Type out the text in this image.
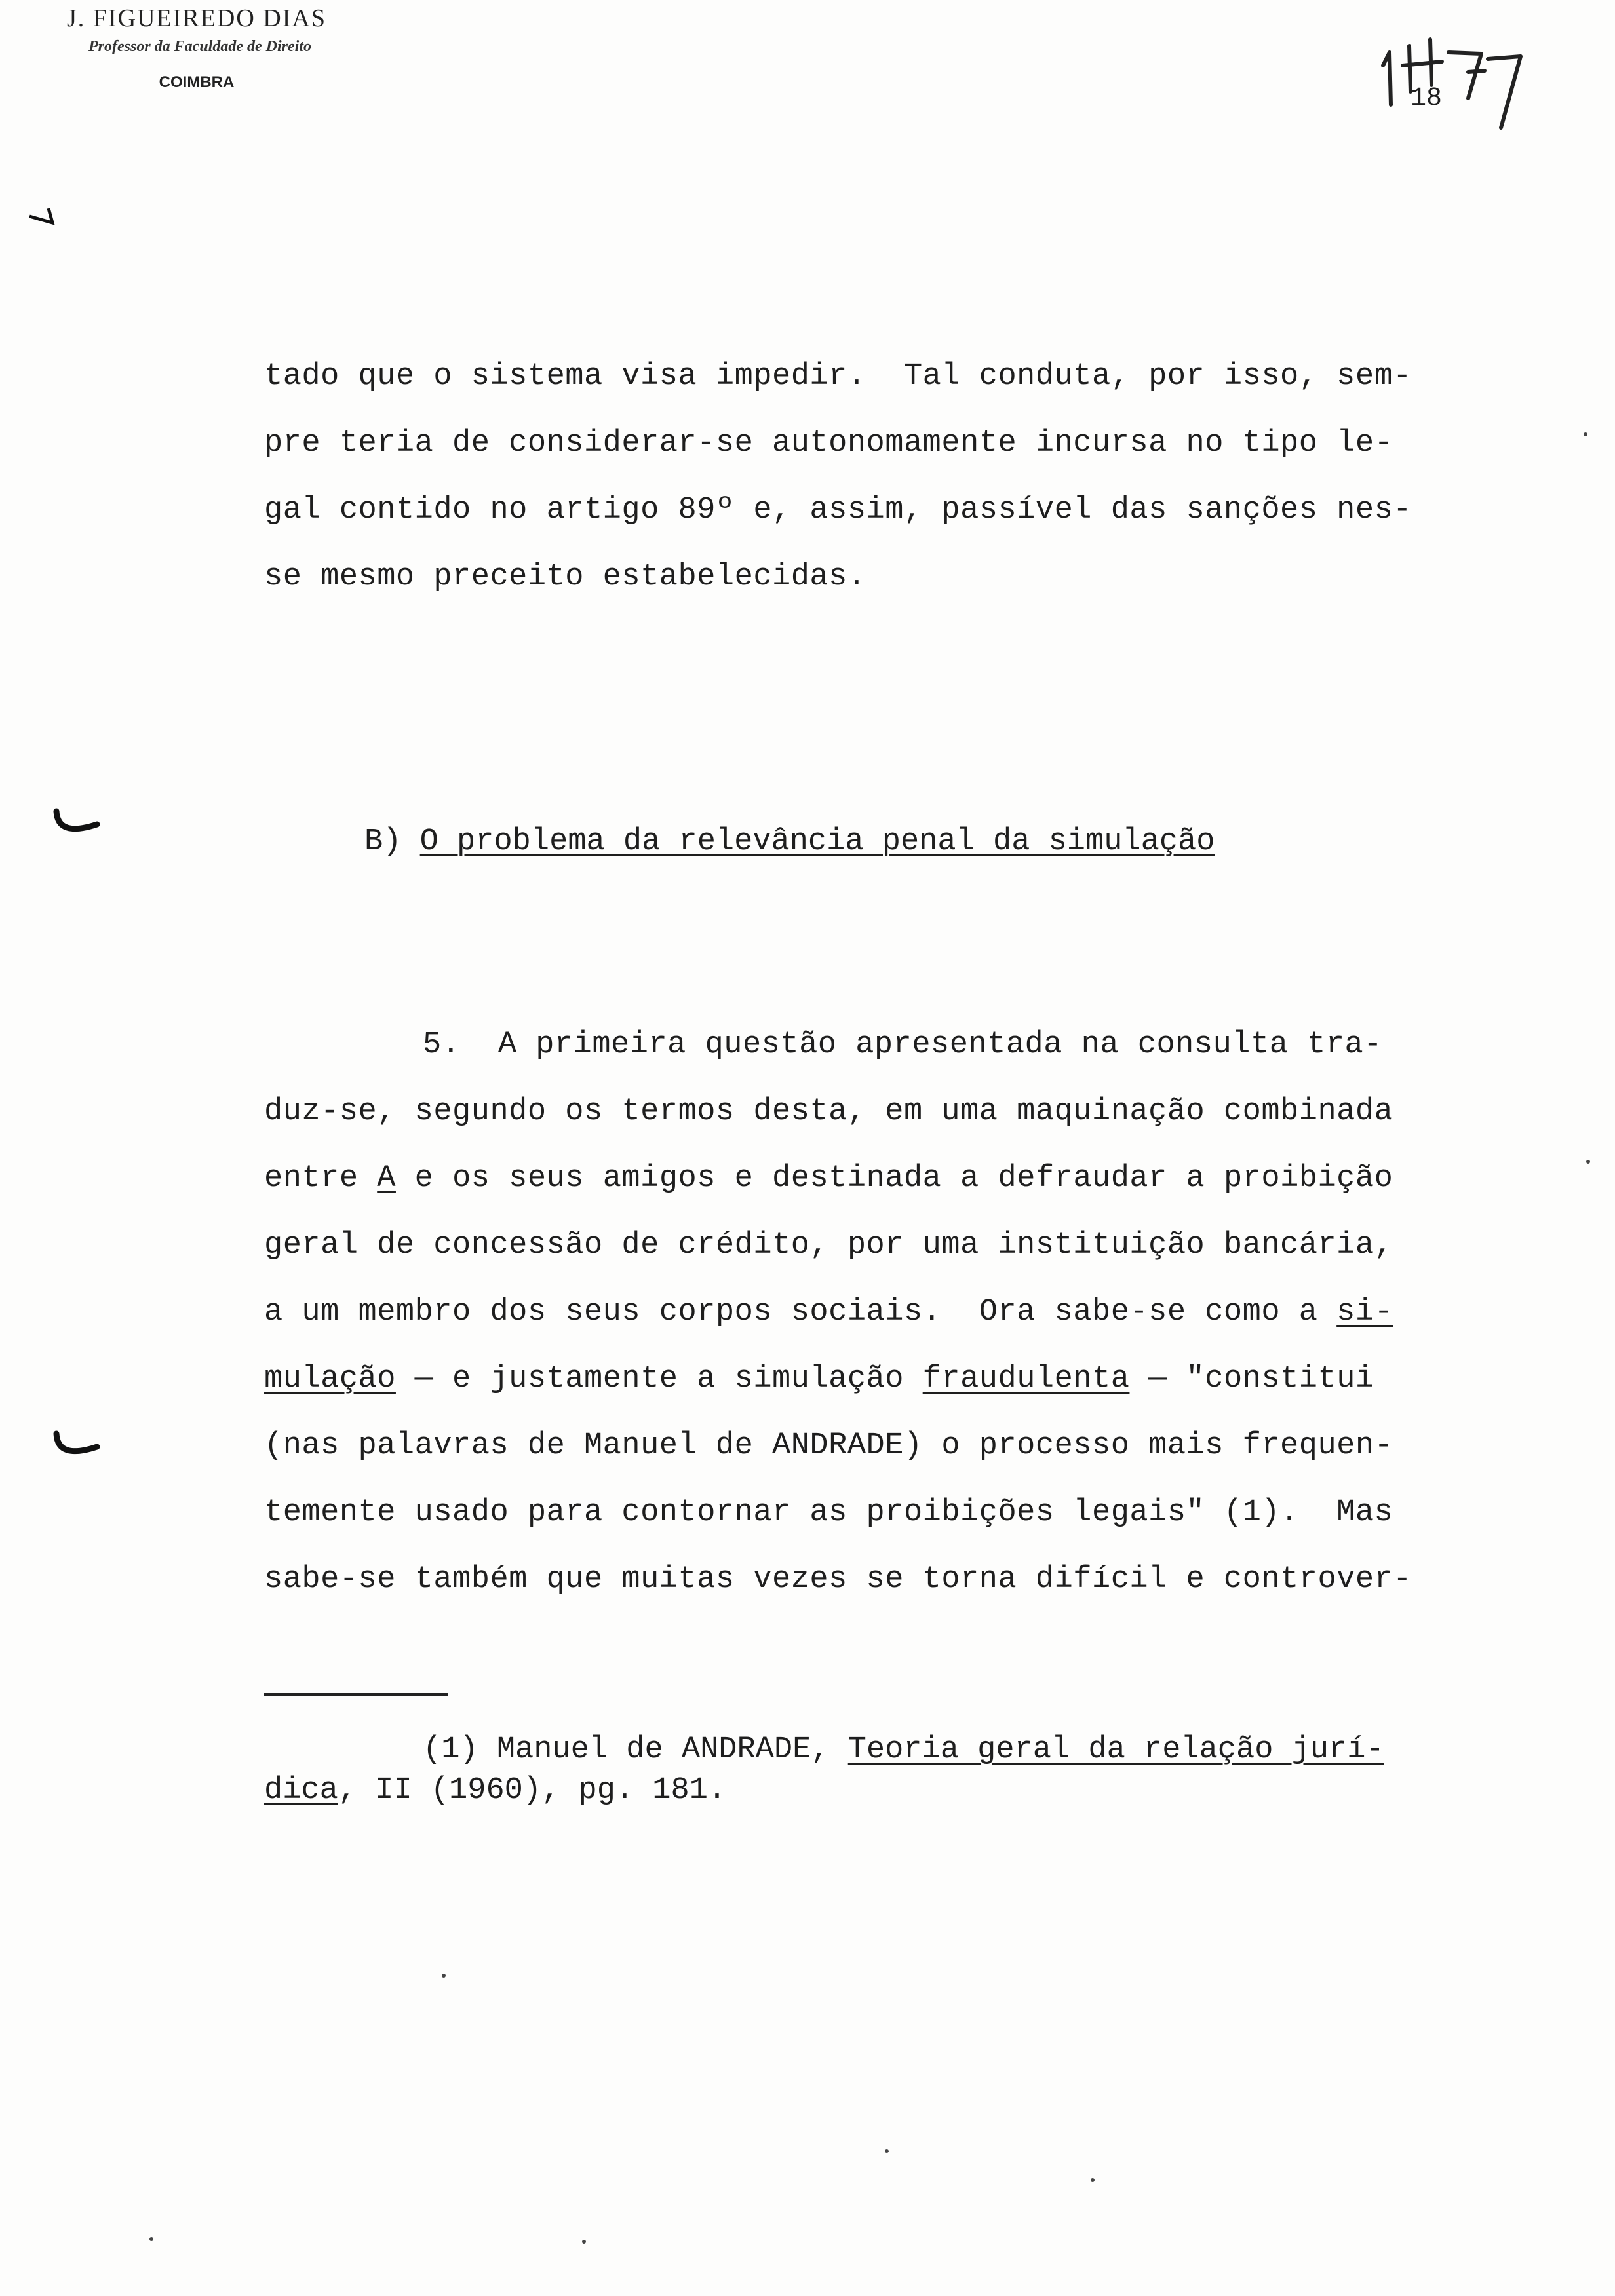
J. FIGUEIREDO DIAS
Professor da Faculdade de Direito
COIMBRA
18
tado que o sistema visa impedir.  Tal conduta, por isso, sem-
pre teria de considerar-se autonomamente incursa no tipo le-
gal contido no artigo 89º e, assim, passível das sanções nes-
se mesmo preceito estabelecidas.
B) O problema da relevância penal da simulação
5.  A primeira questão apresentada na consulta tra-
duz-se, segundo os termos desta, em uma maquinação combinada
entre A e os seus amigos e destinada a defraudar a proibição
geral de concessão de crédito, por uma instituição bancária,
a um membro dos seus corpos sociais.  Ora sabe-se como a si-
mulação — e justamente a simulação fraudulenta — "constitui
(nas palavras de Manuel de ANDRADE) o processo mais frequen-
temente usado para contornar as proibições legais" (1).  Mas
sabe-se também que muitas vezes se torna difícil e controver-
(1) Manuel de ANDRADE, Teoria geral da relação jurí-
dica, II (1960), pg. 181.
